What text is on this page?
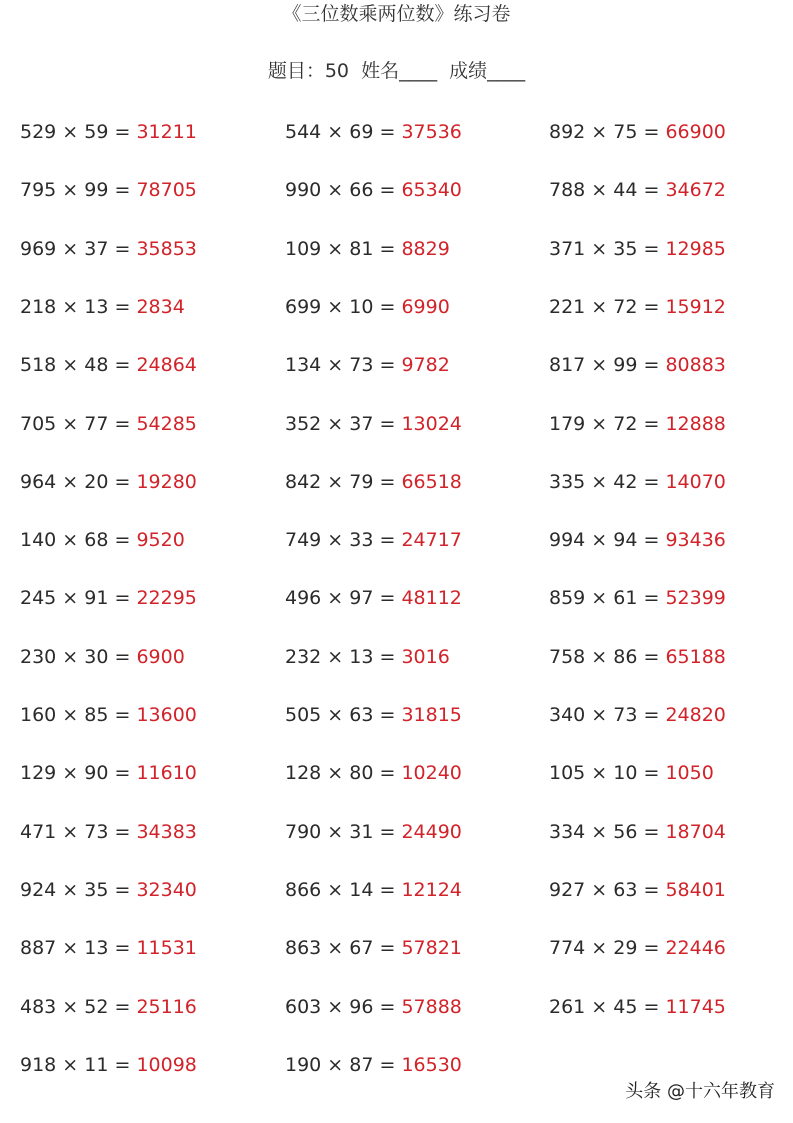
《三位数乘两位数》练习卷
题目：50  姓名____  成绩____
529 × 59 = 31211
795 × 99 = 78705
969 × 37 = 35853
218 × 13 = 2834
518 × 48 = 24864
705 × 77 = 54285
964 × 20 = 19280
140 × 68 = 9520
245 × 91 = 22295
230 × 30 = 6900
160 × 85 = 13600
129 × 90 = 11610
471 × 73 = 34383
924 × 35 = 32340
887 × 13 = 11531
483 × 52 = 25116
918 × 11 = 10098
544 × 69 = 37536
990 × 66 = 65340
109 × 81 = 8829
699 × 10 = 6990
134 × 73 = 9782
352 × 37 = 13024
842 × 79 = 66518
749 × 33 = 24717
496 × 97 = 48112
232 × 13 = 3016
505 × 63 = 31815
128 × 80 = 10240
790 × 31 = 24490
866 × 14 = 12124
863 × 67 = 57821
603 × 96 = 57888
190 × 87 = 16530
892 × 75 = 66900
788 × 44 = 34672
371 × 35 = 12985
221 × 72 = 15912
817 × 99 = 80883
179 × 72 = 12888
335 × 42 = 14070
994 × 94 = 93436
859 × 61 = 52399
758 × 86 = 65188
340 × 73 = 24820
105 × 10 = 1050
334 × 56 = 18704
927 × 63 = 58401
774 × 29 = 22446
261 × 45 = 11745
头条 @十六年教育
